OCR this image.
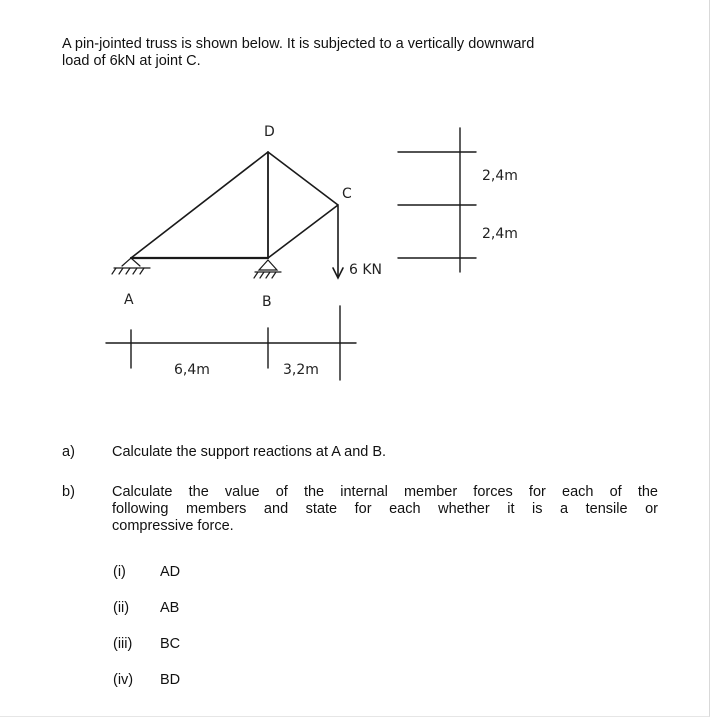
A pin-jointed truss is shown below. It is subjected to a vertically downward
load of 6kN at joint C.
D
C
A	B
6 KN
6,4m	3,2m
2,4m
2,4m
a)	Calculate the support reactions at A and B.
b)	Calculate the value of the internal member forces for each of the
following members and state for each whether it is a tensile or
compressive force.
(i) AD
(ii) AB
(iii) BC
(iv) BD
